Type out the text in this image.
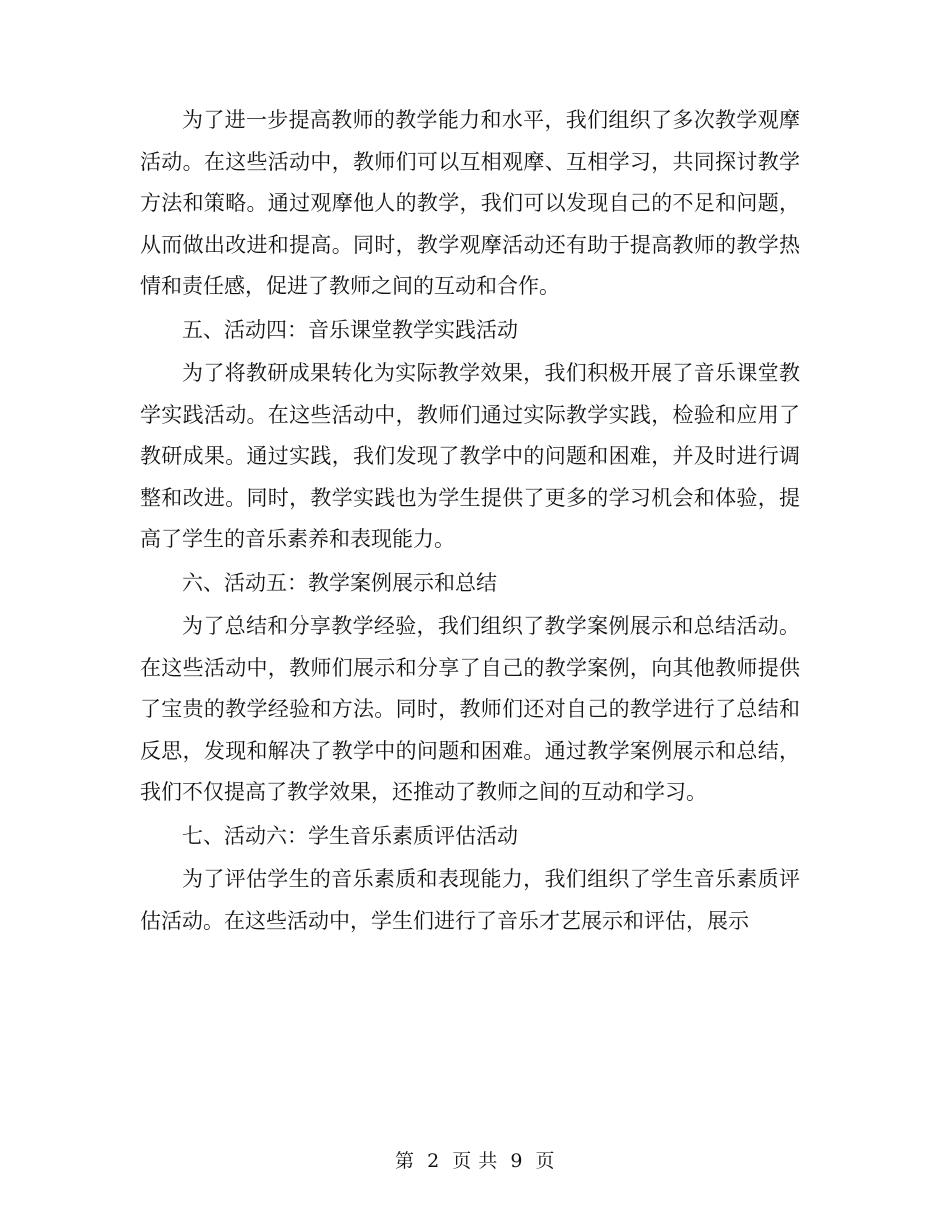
为了进一步提高教师的教学能力和水平，我们组织了多次教学观摩活动。在这些活动中，教师们可以互相观摩、互相学习，共同探讨教学方法和策略。通过观摩他人的教学，我们可以发现自己的不足和问题，从而做出改进和提高。同时，教学观摩活动还有助于提高教师的教学热情和责任感，促进了教师之间的互动和合作。

五、活动四：音乐课堂教学实践活动

为了将教研成果转化为实际教学效果，我们积极开展了音乐课堂教学实践活动。在这些活动中，教师们通过实际教学实践，检验和应用了教研成果。通过实践，我们发现了教学中的问题和困难，并及时进行调整和改进。同时，教学实践也为学生提供了更多的学习机会和体验，提高了学生的音乐素养和表现能力。

六、活动五：教学案例展示和总结

为了总结和分享教学经验，我们组织了教学案例展示和总结活动。在这些活动中，教师们展示和分享了自己的教学案例，向其他教师提供了宝贵的教学经验和方法。同时，教师们还对自己的教学进行了总结和反思，发现和解决了教学中的问题和困难。通过教学案例展示和总结，我们不仅提高了教学效果，还推动了教师之间的互动和学习。

七、活动六：学生音乐素质评估活动

为了评估学生的音乐素质和表现能力，我们组织了学生音乐素质评估活动。在这些活动中，学生们进行了音乐才艺展示和评估，展示

第 2 页 共 9 页
